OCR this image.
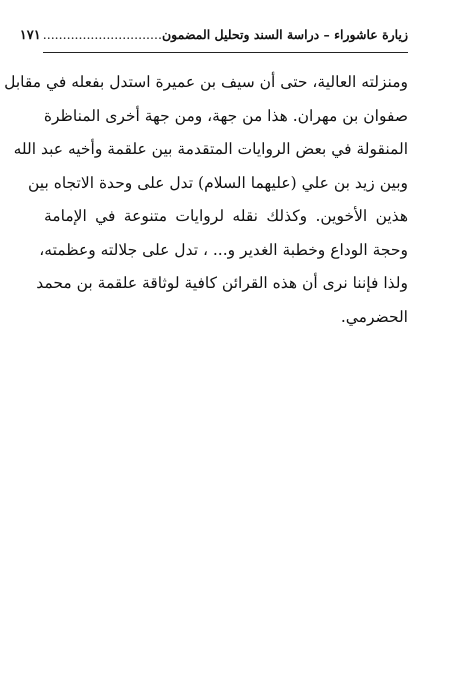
زيارة عاشوراء – دراسة السند وتحليل المضمون
..............................
١٧١

ومنزلته العالية، حتى أن سيف بن عميرة استدل بفعله في مقابل
صفوان بن مهران. هذا من جهة، ومن جهة أخرى المناظرة
المنقولة في بعض الروايات المتقدمة بين علقمة وأخيه عبد الله
وبين زيد بن علي (عليهما السلام) تدل على وحدة الاتجاه بين
هذين الأخوين. وكذلك نقله لروايات متنوعة في الإمامة
وحجة الوداع وخطبة الغدير و... ، تدل على جلالته وعظمته،
ولذا فإننا نرى أن هذه القرائن كافية لوثاقة علقمة بن محمد
الحضرمي.
